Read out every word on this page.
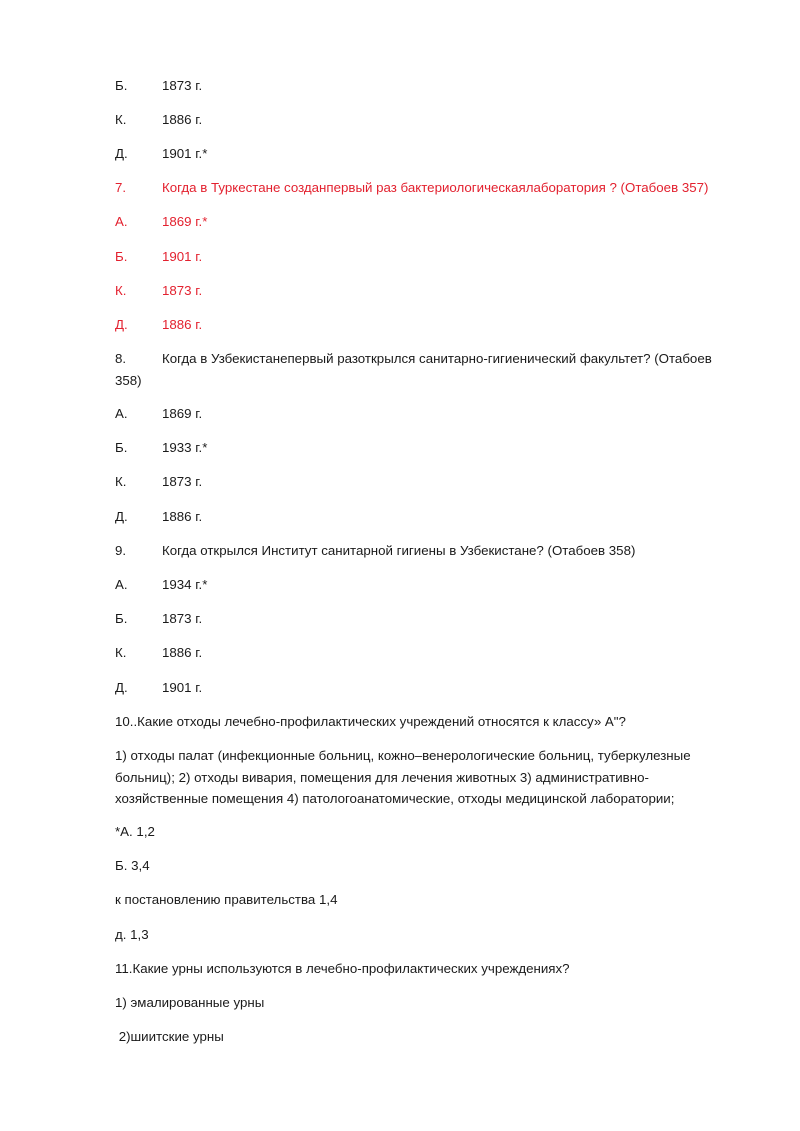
Б.	1873 г.
К.	1886 г.
Д.	1901 г.*
7.	Когда в Туркестане созданпервый раз бактериологическаялаборатория ? (Отабоев 357)
А.	1869 г.*
Б.	1901 г.
К.	1873 г.
Д.	1886 г.
8.	Когда в Узбекистанепервый разоткрылся санитарно-гигиенический факультет? (Отабоев 358)
А.	1869 г.
Б.	1933 г.*
К.	1873 г.
Д.	1886 г.
9.	Когда открылся Институт санитарной гигиены в Узбекистане? (Отабоев 358)
А.	1934 г.*
Б.	1873 г.
К.	1886 г.
Д.	1901 г.
10..Какие отходы лечебно-профилактических учреждений относятся к классу» А"?
1) отходы палат (инфекционные больниц, кожно–венерологические больниц, туберкулезные больниц); 2) отходы вивария, помещения для лечения животных 3) административно-хозяйственные помещения 4) патологоанатомические, отходы медицинской лаборатории;
*А. 1,2
Б. 3,4
к постановлению правительства 1,4
д. 1,3
11.Какие урны используются в лечебно-профилактических учреждениях?
1) эмалированные урны
2)шиитские урны
